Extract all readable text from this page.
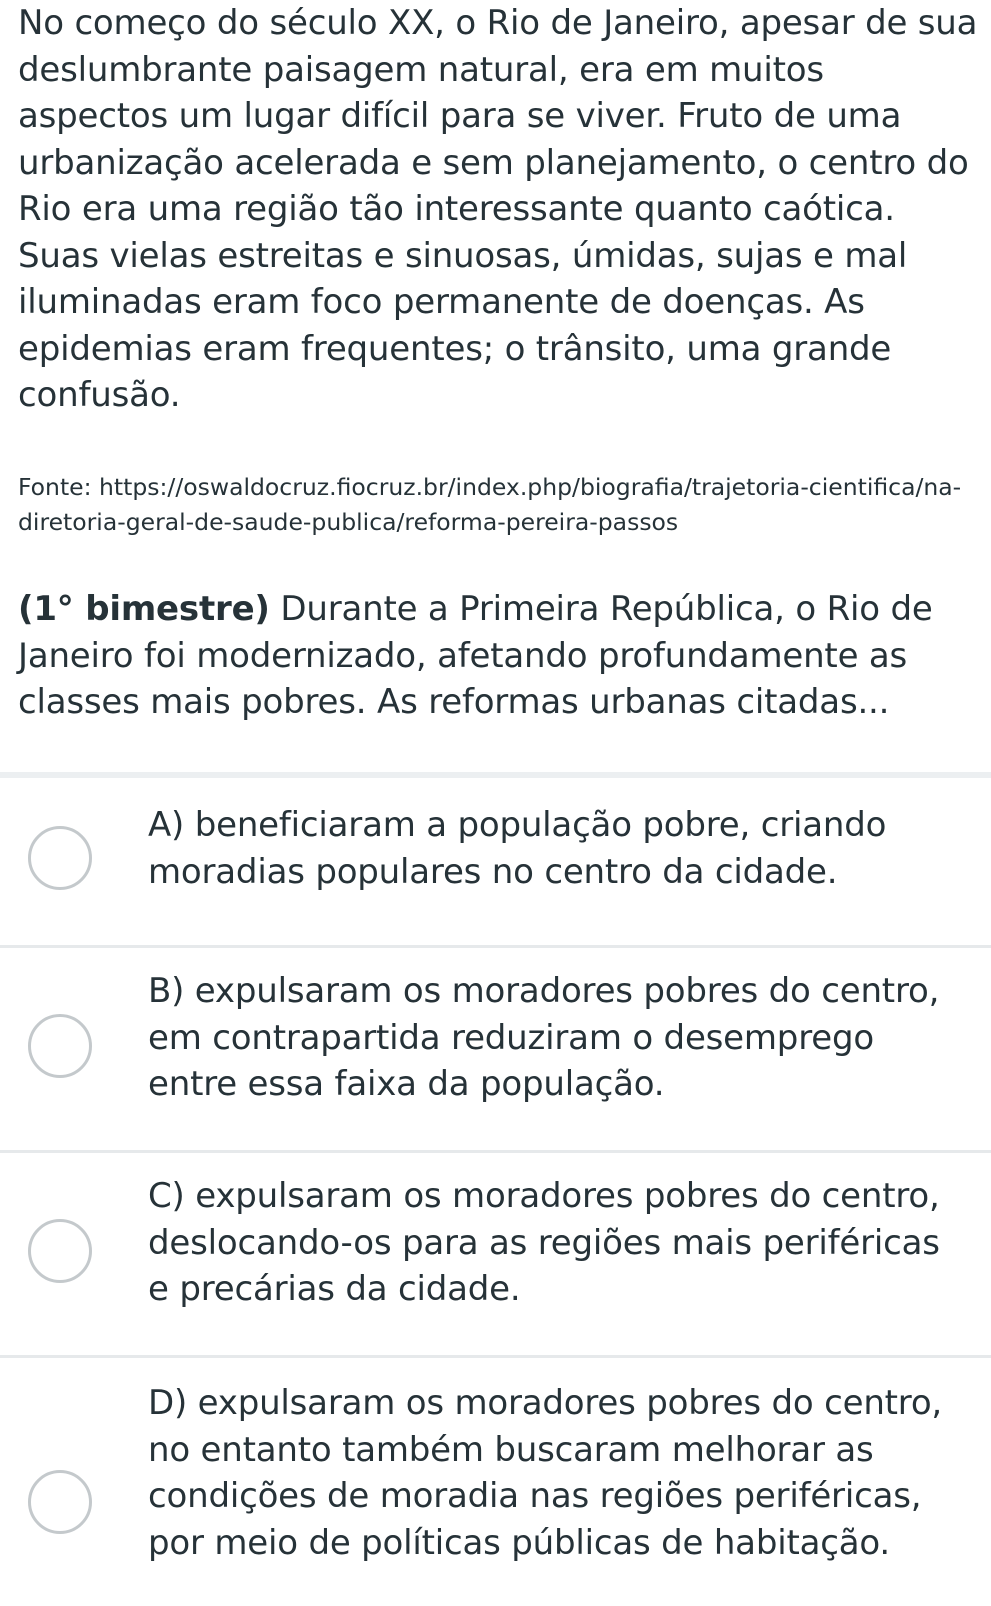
No começo do século XX, o Rio de Janeiro, apesar de sua deslumbrante paisagem natural, era em muitos aspectos um lugar difícil para se viver. Fruto de uma urbanização acelerada e sem planejamento, o centro do Rio era uma região tão interessante quanto caótica. Suas vielas estreitas e sinuosas, úmidas, sujas e mal iluminadas eram foco permanente de doenças. As epidemias eram frequentes; o trânsito, uma grande confusão.

Fonte: https://oswaldocruz.fiocruz.br/index.php/biografia/trajetoria-cientifica/na-diretoria-geral-de-saude-publica/reforma-pereira-passos

(1° bimestre) Durante a Primeira República, o Rio de Janeiro foi modernizado, afetando profundamente as classes mais pobres. As reformas urbanas citadas...

A) beneficiaram a população pobre, criando moradias populares no centro da cidade.

B) expulsaram os moradores pobres do centro, em contrapartida reduziram o desemprego entre essa faixa da população.

C) expulsaram os moradores pobres do centro, deslocando-os para as regiões mais periféricas e precárias da cidade.

D) expulsaram os moradores pobres do centro, no entanto também buscaram melhorar as condições de moradia nas regiões periféricas, por meio de políticas públicas de habitação.
